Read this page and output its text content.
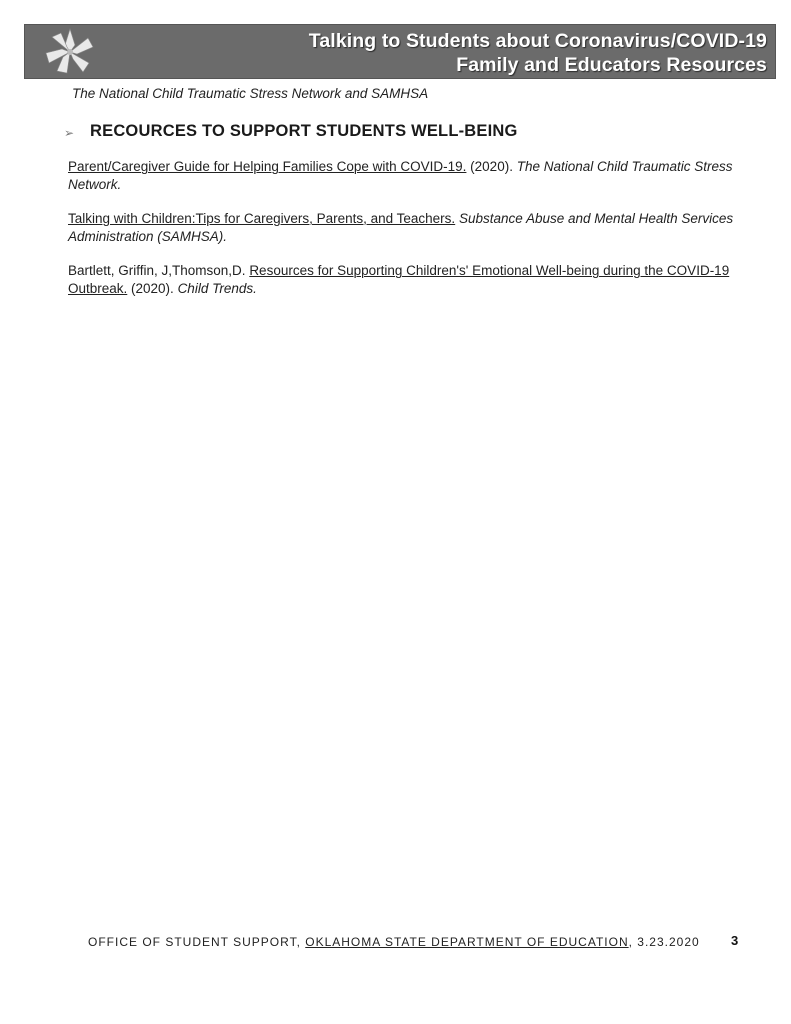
Talking to Students about Coronavirus/COVID-19
Family and Educators Resources
The National Child Traumatic Stress Network and SAMHSA
➢ RECOURCES TO SUPPORT STUDENTS WELL-BEING
Parent/Caregiver Guide for Helping Families Cope with COVID-19. (2020). The National Child Traumatic Stress Network.
Talking with Children:Tips for Caregivers, Parents, and Teachers. Substance Abuse and Mental Health Services Administration (SAMHSA).
Bartlett, Griffin, J,Thomson,D. Resources for Supporting Children's' Emotional Well-being during the COVID-19 Outbreak. (2020). Child Trends.
OFFICE OF STUDENT SUPPORT, OKLAHOMA STATE DEPARTMENT OF EDUCATION, 3.23.2020 3
